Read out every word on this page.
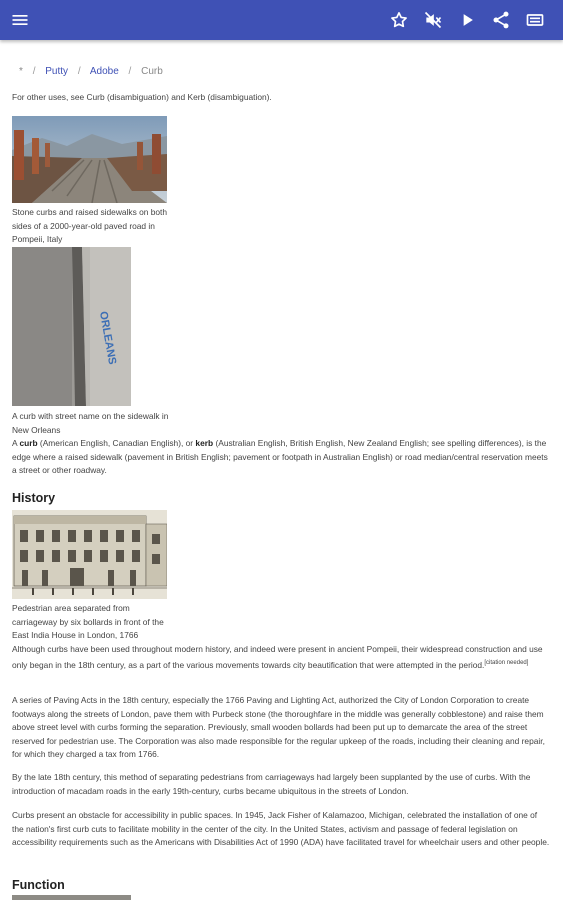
* / Putty / Adobe / Curb

For other uses, see Curb (disambiguation) and Kerb (disambiguation).

Stone curbs and raised sidewalks on both sides of a 2000-year-old paved road in Pompeii, Italy
ORLEANS
A curb with street name on the sidewalk in New Orleans

A curb (American English, Canadian English), or kerb (Australian English, British English, New Zealand English; see spelling differences), is the edge where a raised sidewalk (pavement in British English; pavement or footpath in Australian English) or road median/central reservation meets a street or other roadway.

History
Pedestrian area separated from carriageway by six bollards in front of the East India House in London, 1766

Although curbs have been used throughout modern history, and indeed were present in ancient Pompeii, their widespread construction and use only began in the 18th century, as a part of the various movements towards city beautification that were attempted in the period.[citation needed]

A series of Paving Acts in the 18th century, especially the 1766 Paving and Lighting Act, authorized the City of London Corporation to create footways along the streets of London, pave them with Purbeck stone (the thoroughfare in the middle was generally cobblestone) and raise them above street level with curbs forming the separation. Previously, small wooden bollards had been put up to demarcate the area of the street reserved for pedestrian use. The Corporation was also made responsible for the regular upkeep of the roads, including their cleaning and repair, for which they charged a tax from 1766.

By the late 18th century, this method of separating pedestrians from carriageways had largely been supplanted by the use of curbs. With the introduction of macadam roads in the early 19th-century, curbs became ubiquitous in the streets of London.

Curbs present an obstacle for accessibility in public spaces. In 1945, Jack Fisher of Kalamazoo, Michigan, celebrated the installation of one of the nation's first curb cuts to facilitate mobility in the center of the city. In the United States, activism and passage of federal legislation on accessibility requirements such as the Americans with Disabilities Act of 1990 (ADA) have facilitated travel for wheelchair users and other people.

Function
